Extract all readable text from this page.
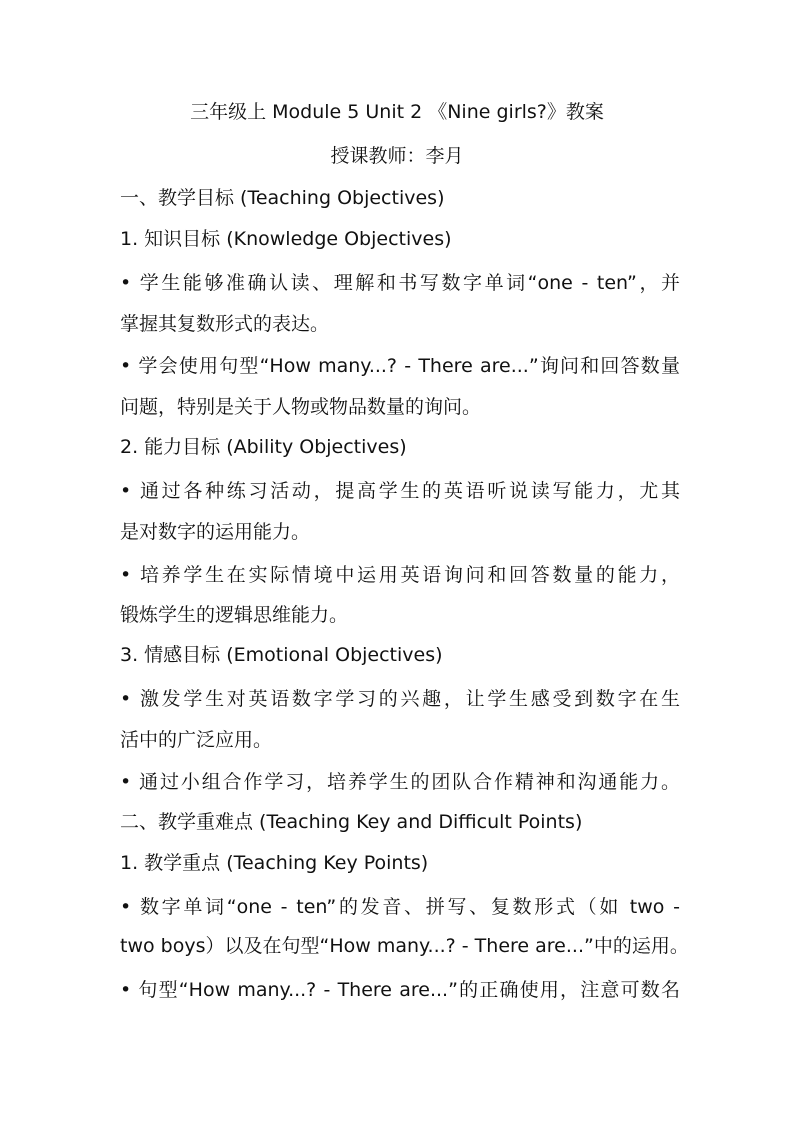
三年级上 Module 5 Unit 2 《Nine girls?》教案
授课教师：李月
一、教学目标 (Teaching Objectives)
1. 知识目标 (Knowledge Objectives)
• 学生能够准确认读、理解和书写数字单词“one - ten”，并
掌握其复数形式的表达。
• 学会使用句型“How many...? - There are...”询问和回答数量
问题，特别是关于人物或物品数量的询问。
2. 能力目标 (Ability Objectives)
• 通过各种练习活动，提高学生的英语听说读写能力，尤其
是对数字的运用能力。
• 培养学生在实际情境中运用英语询问和回答数量的能力，
锻炼学生的逻辑思维能力。
3. 情感目标 (Emotional Objectives)
• 激发学生对英语数字学习的兴趣，让学生感受到数字在生
活中的广泛应用。
• 通过小组合作学习，培养学生的团队合作精神和沟通能力。
二、教学重难点 (Teaching Key and Difficult Points)
1. 教学重点 (Teaching Key Points)
• 数字单词“one - ten”的发音、拼写、复数形式（如 two -
two boys）以及在句型“How many...? - There are...”中的运用。
• 句型“How many...? - There are...”的正确使用，注意可数名
